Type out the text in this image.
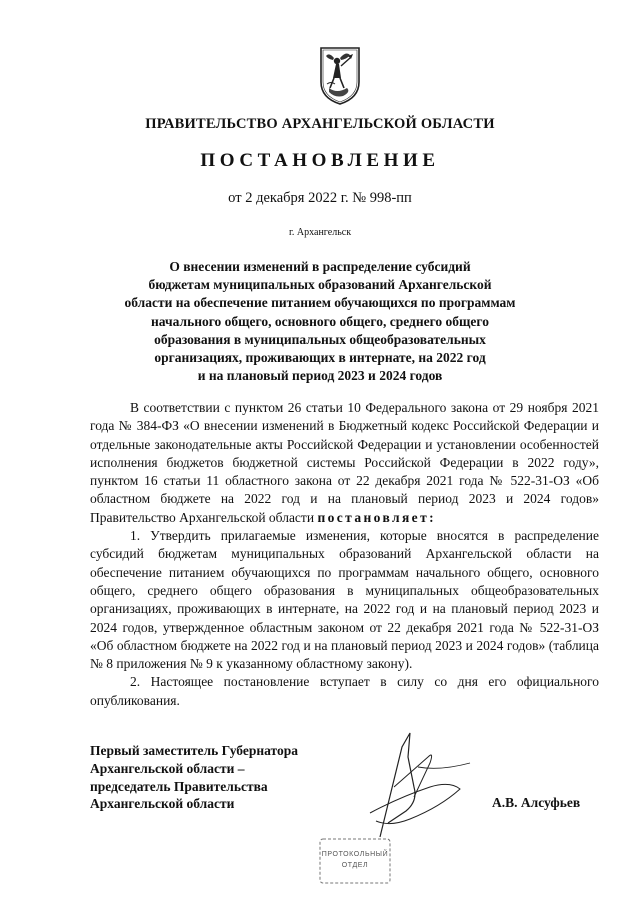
ПРАВИТЕЛЬСТВО АРХАНГЕЛЬСКОЙ ОБЛАСТИ
ПОСТАНОВЛЕНИЕ
от 2 декабря 2022 г. № 998-пп
г. Архангельск
О внесении изменений в распределение субсидий
бюджетам муниципальных образований Архангельской
области на обеспечение питанием обучающихся по программам
начального общего, основного общего, среднего общего
образования в муниципальных общеобразовательных
организациях, проживающих в интернате, на 2022 год
и на плановый период 2023 и 2024 годов

В соответствии с пунктом 26 статьи 10 Федерального закона от 29 ноября 2021 года № 384-ФЗ «О внесении изменений в Бюджетный кодекс Российской Федерации и отдельные законодательные акты Российской Федерации и установлении особенностей исполнения бюджетов бюджетной системы Российской Федерации в 2022 году», пунктом 16 статьи 11 областного закона от 22 декабря 2021 года № 522-31-ОЗ «Об областном бюджете на 2022 год и на плановый период 2023 и 2024 годов» Правительство Архангельской области постановляет:

1. Утвердить прилагаемые изменения, которые вносятся в распределение субсидий бюджетам муниципальных образований Архангельской области на обеспечение питанием обучающихся по программам начального общего, основного общего, среднего общего образования в муниципальных общеобразовательных организациях, проживающих в интернате, на 2022 год и на плановый период 2023 и 2024 годов, утвержденное областным законом от 22 декабря 2021 года № 522-31-ОЗ «Об областном бюджете на 2022 год и на плановый период 2023 и 2024 годов» (таблица № 8 приложения № 9 к указанному областному закону).

2. Настоящее постановление вступает в силу со дня его официального опубликования.

Первый заместитель Губернатора
Архангельской области –
председатель Правительства
Архангельской области	А.В. Алсуфьев
ПРОТОКОЛЬНЫЙ
ОТДЕЛ
